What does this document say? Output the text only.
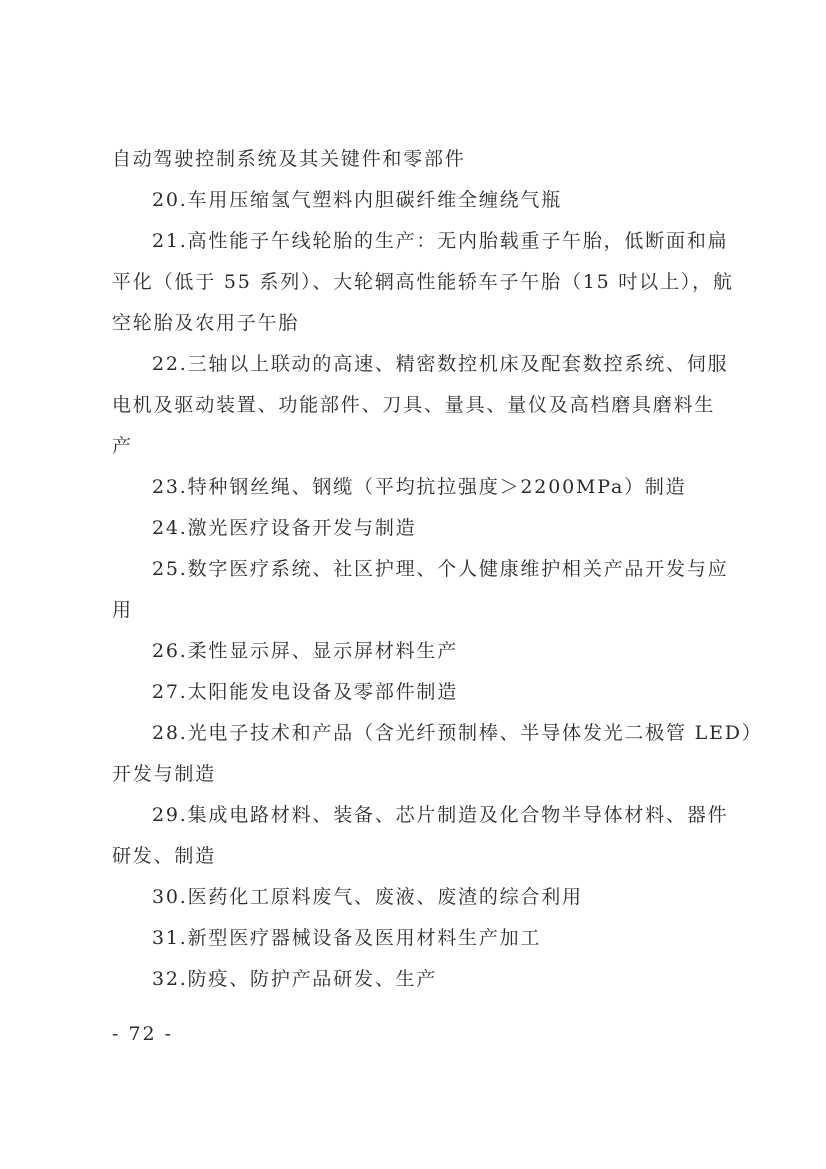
自动驾驶控制系统及其关键件和零部件
20.车用压缩氢气塑料内胆碳纤维全缠绕气瓶
21.高性能子午线轮胎的生产：无内胎载重子午胎，低断面和扁
平化（低于 55 系列）、大轮辋高性能轿车子午胎（15 吋以上），航
空轮胎及农用子午胎
22.三轴以上联动的高速、精密数控机床及配套数控系统、伺服
电机及驱动装置、功能部件、刀具、量具、量仪及高档磨具磨料生
产
23.特种钢丝绳、钢缆（平均抗拉强度＞2200MPa）制造
24.激光医疗设备开发与制造
25.数字医疗系统、社区护理、个人健康维护相关产品开发与应
用
26.柔性显示屏、显示屏材料生产
27.太阳能发电设备及零部件制造
28.光电子技术和产品（含光纤预制棒、半导体发光二极管 LED）
开发与制造
29.集成电路材料、装备、芯片制造及化合物半导体材料、器件
研发、制造
30.医药化工原料废气、废液、废渣的综合利用
31.新型医疗器械设备及医用材料生产加工
32.防疫、防护产品研发、生产
- 72 -
